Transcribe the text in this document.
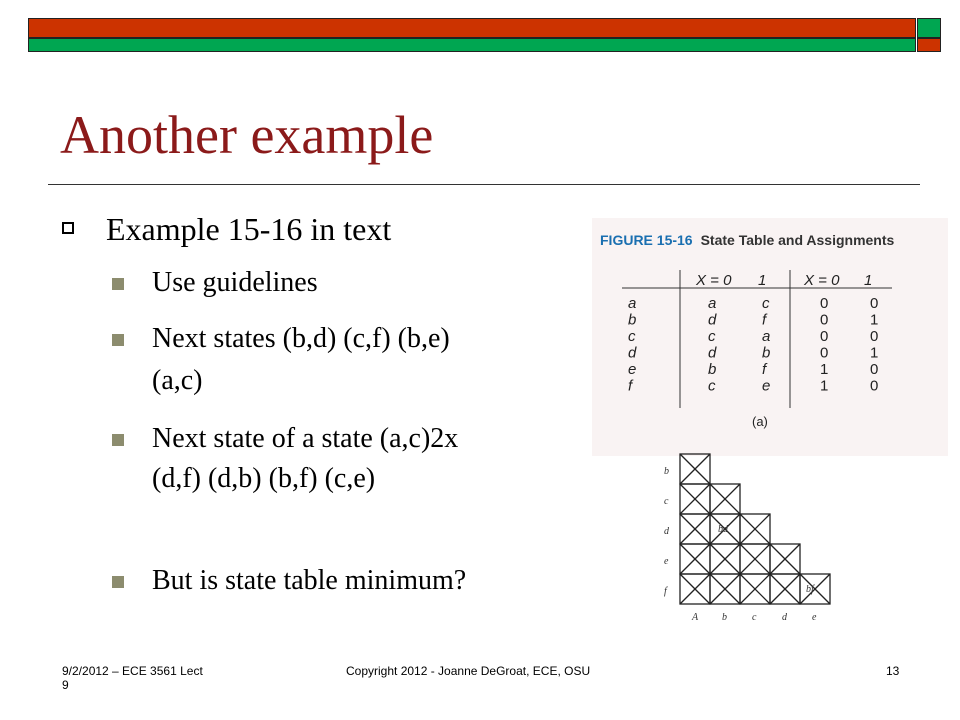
Another example
Example 15-16 in text
Use guidelines
Next states (b,d) (c,f) (b,e)
(a,c)
Next state of a state (a,c)2x
(d,f) (d,b) (b,f) (c,e)
But is state table minimum?
FIGURE 15-16 State Table and Assignments
X = 0 1	X = 0 1
a	a	c	0	0
b	d	f	0	1
c	c	a	0	0
d	d	b	0	1
e	b	f	1	0
f	c	e	1	0
(a)
b
c
d
e
f
A b	c	d	e
bd
bf
9/2/2012 – ECE 3561 Lect
9
Copyright 2012 - Joanne DeGroat, ECE, OSU	13
